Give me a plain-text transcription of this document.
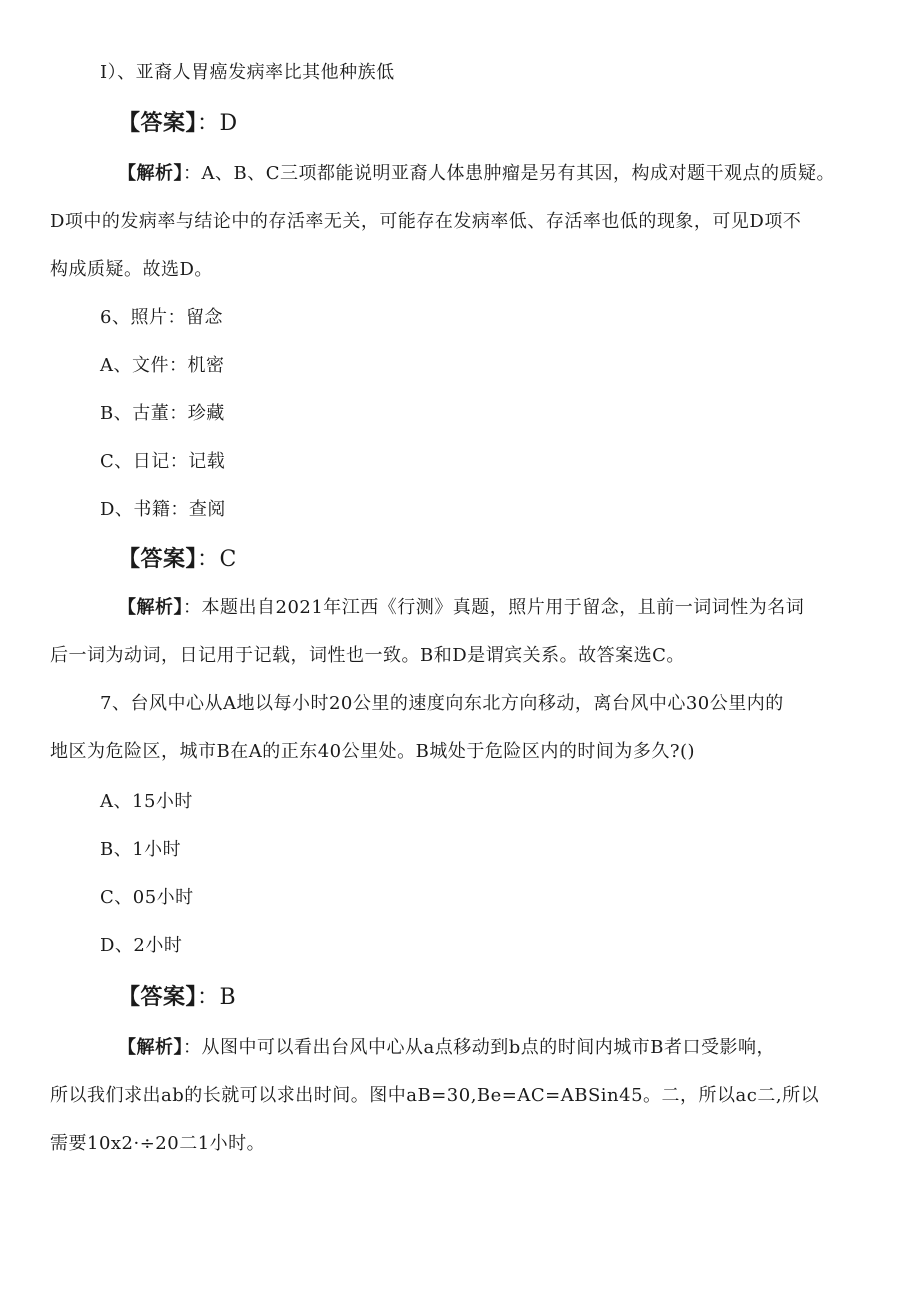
I）、亚裔人胃癌发病率比其他种族低
【答案】：D
【解析】：A、B、C三项都能说明亚裔人体患肿瘤是另有其因，构成对题干观点的质疑。
D项中的发病率与结论中的存活率无关，可能存在发病率低、存活率也低的现象，可见D项不
构成质疑。故选D。
6、照片：留念
A、文件：机密
B、古董：珍藏
C、日记：记载
D、书籍：查阅
【答案】：C
【解析】：本题出自2021年江西《行测》真题，照片用于留念，且前一词词性为名词
后一词为动词，日记用于记载，词性也一致。B和D是谓宾关系。故答案选C。
7、台风中心从A地以每小时20公里的速度向东北方向移动，离台风中心30公里内的
地区为危险区，城市B在A的正东40公里处。B城处于危险区内的时间为多久?()
A、15小时
B、1小时
C、05小时
D、2小时
【答案】：B
【解析】：从图中可以看出台风中心从a点移动到b点的时间内城市B者口受影响，
所以我们求出ab的长就可以求出时间。图中aB=30,Be=AC=ABSin45。二，所以ac二,所以
需要10x2·÷20二1小时。
